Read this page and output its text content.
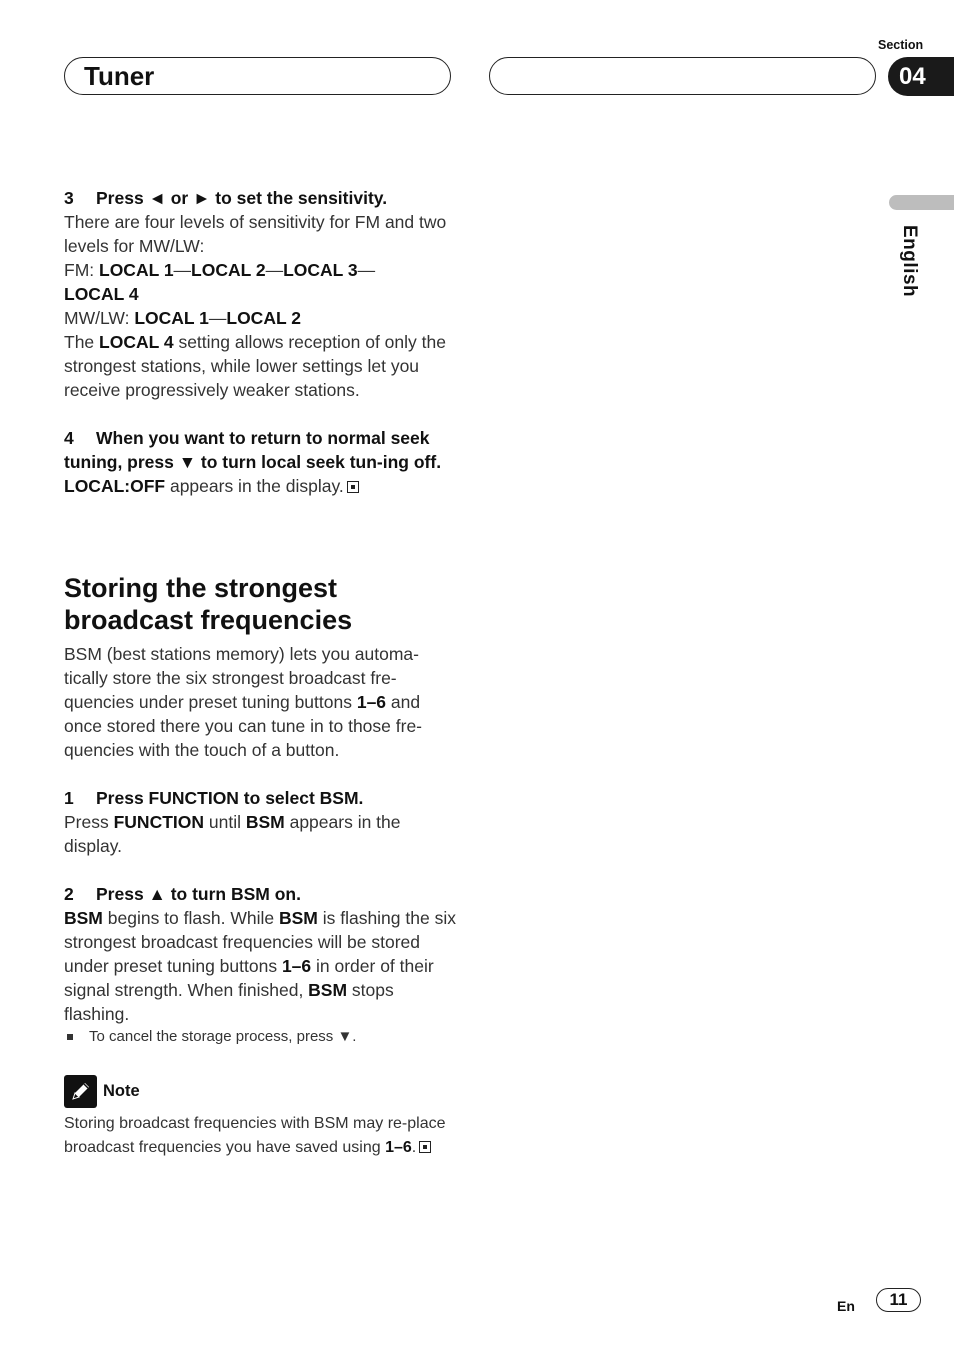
Tuner
Section
04
English

3 Press ◄ or ► to set the sensitivity.

There are four levels of sensitivity for FM and two levels for MW/LW:

FM: LOCAL 1—LOCAL 2—LOCAL 3—
LOCAL 4

MW/LW: LOCAL 1—LOCAL 2

The LOCAL 4 setting allows reception of only the strongest stations, while lower settings let you receive progressively weaker stations.

4 When you want to return to normal seek tuning, press ▼ to turn local seek tun-ing off.

LOCAL:OFF appears in the display.

Storing the strongest broadcast frequencies

BSM (best stations memory) lets you automa-tically store the six strongest broadcast fre-quencies under preset tuning buttons 1–6 and once stored there you can tune in to those fre-quencies with the touch of a button.

1 Press FUNCTION to select BSM.

Press FUNCTION until BSM appears in the display.

2 Press ▲ to turn BSM on.

BSM begins to flash. While BSM is flashing the six strongest broadcast frequencies will be stored under preset tuning buttons 1–6 in order of their signal strength. When finished, BSM stops flashing.

To cancel the storage process, press ▼.

Note

Storing broadcast frequencies with BSM may re-place broadcast frequencies you have saved using 1–6.

En	11
